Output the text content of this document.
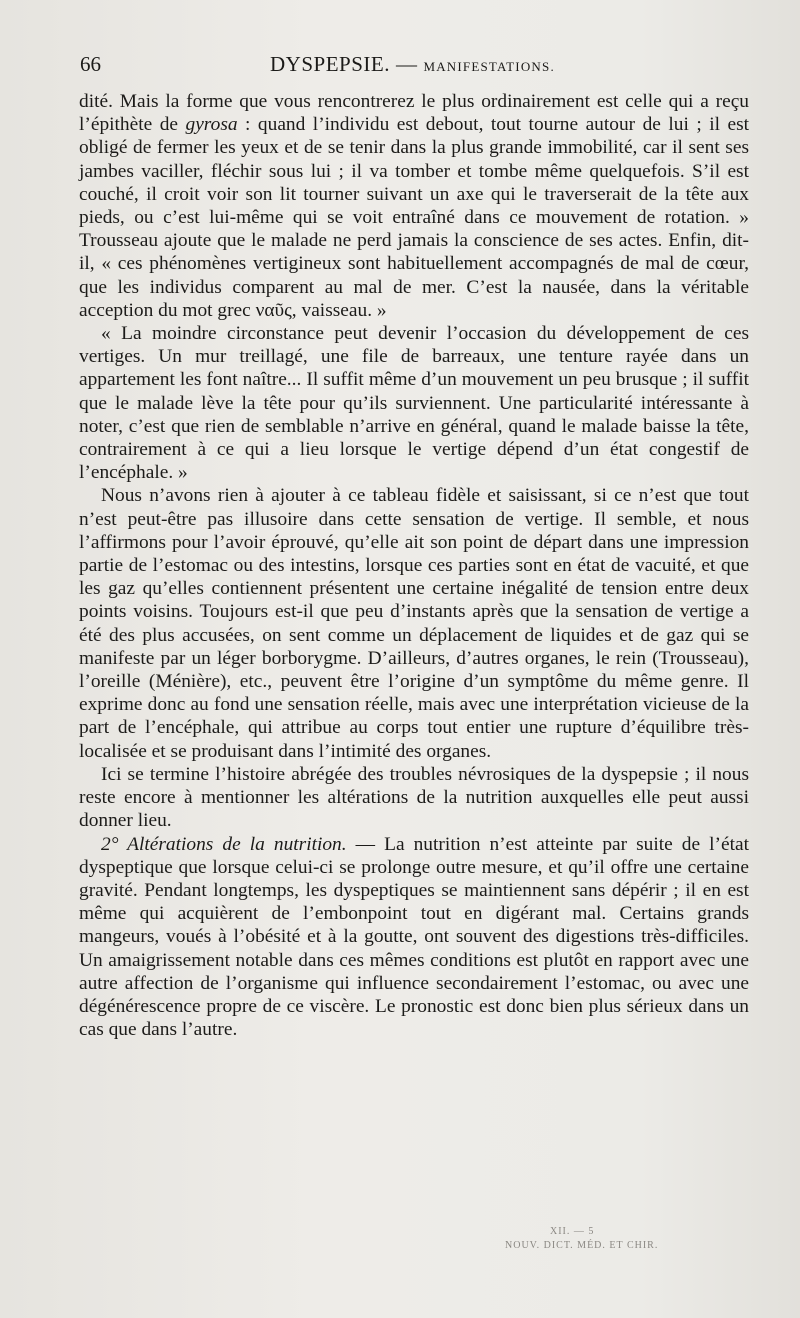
66	DYSPEPSIE. — MANIFESTATIONS.

dité. Mais la forme que vous rencontrerez le plus ordinairement est celle qui a reçu l’épithète de gyrosa : quand l’individu est debout, tout tourne autour de lui ; il est obligé de fermer les yeux et de se tenir dans la plus grande immobilité, car il sent ses jambes vaciller, fléchir sous lui ; il va tomber et tombe même quelquefois. S’il est couché, il croit voir son lit tourner suivant un axe qui le traverserait de la tête aux pieds, ou c’est lui-même qui se voit entraîné dans ce mouvement de rotation. » Trousseau ajoute que le malade ne perd jamais la conscience de ses actes. Enfin, dit-il, « ces phénomènes vertigineux sont habituellement accompagnés de mal de cœur, que les individus comparent au mal de mer. C’est la nausée, dans la véritable acception du mot grec ναῦς, vaisseau. »

« La moindre circonstance peut devenir l’occasion du développement de ces vertiges. Un mur treillagé, une file de barreaux, une tenture rayée dans un appartement les font naître... Il suffit même d’un mouvement un peu brusque ; il suffit que le malade lève la tête pour qu’ils surviennent. Une particularité intéressante à noter, c’est que rien de semblable n’arrive en général, quand le malade baisse la tête, contrairement à ce qui a lieu lorsque le vertige dépend d’un état congestif de l’encéphale. »

Nous n’avons rien à ajouter à ce tableau fidèle et saisissant, si ce n’est que tout n’est peut-être pas illusoire dans cette sensation de vertige. Il semble, et nous l’affirmons pour l’avoir éprouvé, qu’elle ait son point de départ dans une impression partie de l’estomac ou des intestins, lorsque ces parties sont en état de vacuité, et que les gaz qu’elles contiennent présentent une certaine inégalité de tension entre deux points voisins. Toujours est-il que peu d’instants après que la sensation de vertige a été des plus accusées, on sent comme un déplacement de liquides et de gaz qui se manifeste par un léger borborygme. D’ailleurs, d’autres organes, le rein (Trousseau), l’oreille (Ménière), etc., peuvent être l’origine d’un symptôme du même genre. Il exprime donc au fond une sensation réelle, mais avec une interprétation vicieuse de la part de l’encéphale, qui attribue au corps tout entier une rupture d’équilibre très-localisée et se produisant dans l’intimité des organes.

Ici se termine l’histoire abrégée des troubles névrosiques de la dyspepsie ; il nous reste encore à mentionner les altérations de la nutrition auxquelles elle peut aussi donner lieu.

2° Altérations de la nutrition. — La nutrition n’est atteinte par suite de l’état dyspeptique que lorsque celui-ci se prolonge outre mesure, et qu’il offre une certaine gravité. Pendant longtemps, les dyspeptiques se maintiennent sans dépérir ; il en est même qui acquièrent de l’embonpoint tout en digérant mal. Certains grands mangeurs, voués à l’obésité et à la goutte, ont souvent des digestions très-difficiles. Un amaigrissement notable dans ces mêmes conditions est plutôt en rapport avec une autre affection de l’organisme qui influence secondairement l’estomac, ou avec une dégénérescence propre de ce viscère. Le pronostic est donc bien plus sérieux dans un cas que dans l’autre.

XII. — 5
NOUV. DICT. MÉD. ET CHIR.
